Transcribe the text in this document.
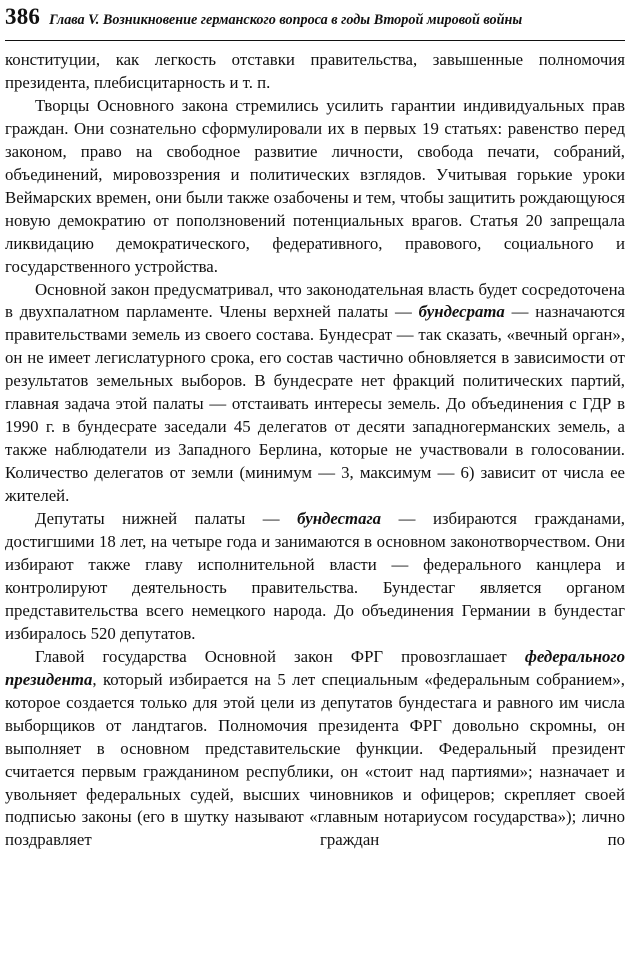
386 Глава V. Возникновение германского вопроса в годы Второй мировой войны

конституции, как легкость отставки правительства, завышенные полномочия президента, плебисцитарность и т. п.

Творцы Основного закона стремились усилить гарантии индивидуальных прав граждан. Они сознательно сформулировали их в первых 19 статьях: равенство перед законом, право на свободное развитие личности, свобода печати, собраний, объединений, мировоззрения и политических взглядов. Учитывая горькие уроки Веймарских времен, они были также озабочены и тем, чтобы защитить рождающуюся новую демократию от поползновений потенциальных врагов. Статья 20 запрещала ликвидацию демократического, федеративного, правового, социального и государственного устройства.

Основной закон предусматривал, что законодательная власть будет сосредоточена в двухпалатном парламенте. Члены верхней палаты — бундесрата — назначаются правительствами земель из своего состава. Бундесрат — так сказать, «вечный орган», он не имеет легислатурного срока, его состав частично обновляется в зависимости от результатов земельных выборов. В бундесрате нет фракций политических партий, главная задача этой палаты — отстаивать интересы земель. До объединения с ГДР в 1990 г. в бундесрате заседали 45 делегатов от десяти западногерманских земель, а также наблюдатели из Западного Берлина, которые не участвовали в голосовании. Количество делегатов от земли (минимум — 3, максимум — 6) зависит от числа ее жителей.

Депутаты нижней палаты — бундестага — избираются гражданами, достигшими 18 лет, на четыре года и занимаются в основном законотворчеством. Они избирают также главу исполнительной власти — федерального канцлера и контролируют деятельность правительства. Бундестаг является органом представительства всего немецкого народа. До объединения Германии в бундестаг избиралось 520 депутатов.

Главой государства Основной закон ФРГ провозглашает федерального президента, который избирается на 5 лет специальным «федеральным собранием», которое создается только для этой цели из депутатов бундестага и равного им числа выборщиков от ландтагов. Полномочия президента ФРГ довольно скромны, он выполняет в основном представительские функции. Федеральный президент считается первым гражданином республики, он «стоит над партиями»; назначает и увольняет федеральных судей, высших чиновников и офицеров; скрепляет своей подписью законы (его в шутку называют «главным нотариусом государства»); лично поздравляет граждан по
